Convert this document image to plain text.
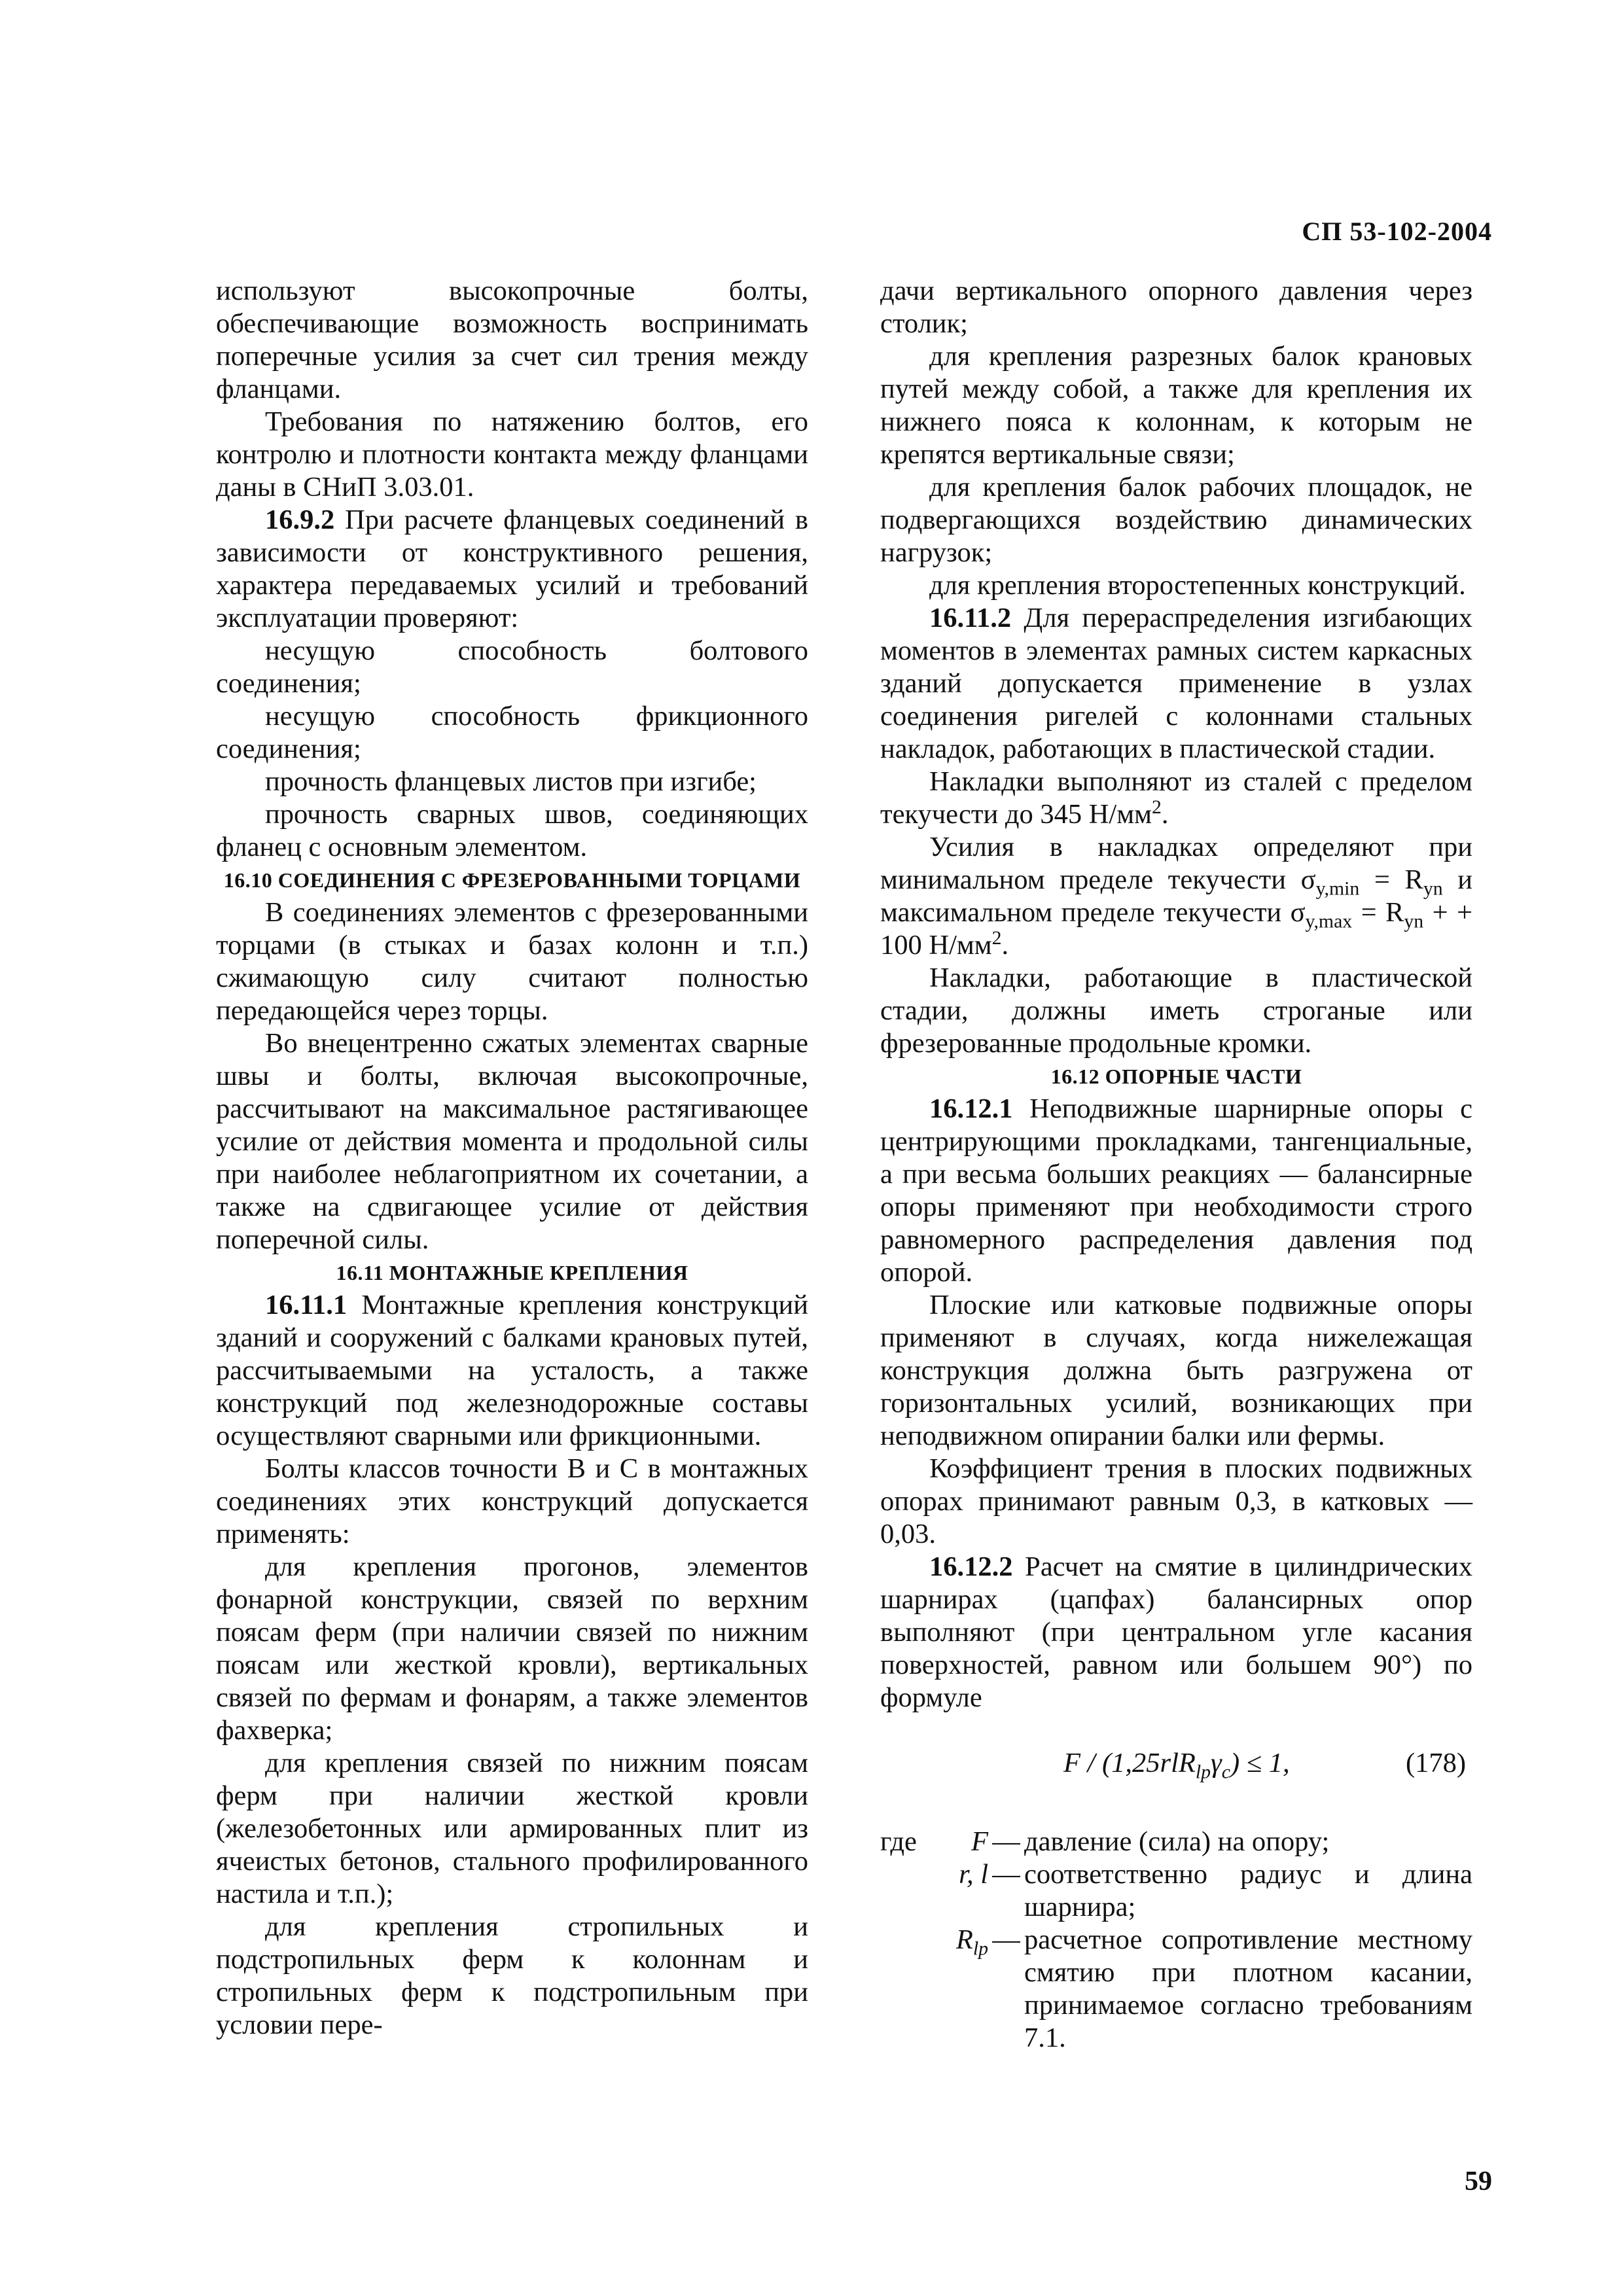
СП 53-102-2004

используют высокопрочные болты, обеспечивающие возможность воспринимать поперечные усилия за счет сил трения между фланцами.

Требования по натяжению болтов, его контролю и плотности контакта между фланцами даны в СНиП 3.03.01.

16.9.2 При расчете фланцевых соединений в зависимости от конструктивного решения, характера передаваемых усилий и требований эксплуатации проверяют:

несущую способность болтового соединения;

несущую способность фрикционного соединения;

прочность фланцевых листов при изгибе;

прочность сварных швов, соединяющих фланец с основным элементом.

16.10 СОЕДИНЕНИЯ С ФРЕЗЕРОВАННЫМИ ТОРЦАМИ

В соединениях элементов с фрезерованными торцами (в стыках и базах колонн и т.п.) сжимающую силу считают полностью передающейся через торцы.

Во внецентренно сжатых элементах сварные швы и болты, включая высокопрочные, рассчитывают на максимальное растягивающее усилие от действия момента и продольной силы при наиболее неблагоприятном их сочетании, а также на сдвигающее усилие от действия поперечной силы.

16.11 МОНТАЖНЫЕ КРЕПЛЕНИЯ

16.11.1 Монтажные крепления конструкций зданий и сооружений с балками крановых путей, рассчитываемыми на усталость, а также конструкций под железнодорожные составы осуществляют сварными или фрикционными.

Болты классов точности В и С в монтажных соединениях этих конструкций допускается применять:

для крепления прогонов, элементов фонарной конструкции, связей по верхним поясам ферм (при наличии связей по нижним поясам или жесткой кровли), вертикальных связей по фермам и фонарям, а также элементов фахверка;

для крепления связей по нижним поясам ферм при наличии жесткой кровли (железобетонных или армированных плит из ячеистых бетонов, стального профилированного настила и т.п.);

для крепления стропильных и подстропильных ферм к колоннам и стропильных ферм к подстропильным при условии пере-

дачи вертикального опорного давления через столик;

для крепления разрезных балок крановых путей между собой, а также для крепления их нижнего пояса к колоннам, к которым не крепятся вертикальные связи;

для крепления балок рабочих площадок, не подвергающихся воздействию динамических нагрузок;

для крепления второстепенных конструкций.

16.11.2 Для перераспределения изгибающих моментов в элементах рамных систем каркасных зданий допускается применение в узлах соединения ригелей с колоннами стальных накладок, работающих в пластической стадии.

Накладки выполняют из сталей с пределом текучести до 345 $Н/мм^2$.

Усилия в накладках определяют при минимальном пределе текучести $\sigma_{y,min} = R_{yn}$ и максимальном пределе текучести $\sigma_{y,max} = R_{yn}$ + + 100 $Н/мм^2$.

Накладки, работающие в пластической стадии, должны иметь строганые или фрезерованные продольные кромки.

16.12 ОПОРНЫЕ ЧАСТИ

16.12.1 Неподвижные шарнирные опоры с центрирующими прокладками, тангенциальные, а при весьма больших реакциях — балансирные опоры применяют при необходимости строго равномерного распределения давления под опорой.

Плоские или катковые подвижные опоры применяют в случаях, когда нижележащая конструкция должна быть разгружена от горизонтальных усилий, возникающих при неподвижном опирании балки или фермы.

Коэффициент трения в плоских подвижных опорах принимают равным 0,3, в катковых — 0,03.

16.12.2 Расчет на смятие в цилиндрических шарнирах (цапфах) балансирных опор выполняют (при центральном угле касания поверхностей, равном или большем 90°) по формуле

$F / (1,25rlR_{lp}\gamma_c) \le 1$,	(178)
где	F — давление (сила) на опору;
r, l — соответственно радиус и длина шарнира;
$R_{lp}$ — расчетное сопротивление местному смятию при плотном касании, принимаемое согласно требованиям 7.1.
59
